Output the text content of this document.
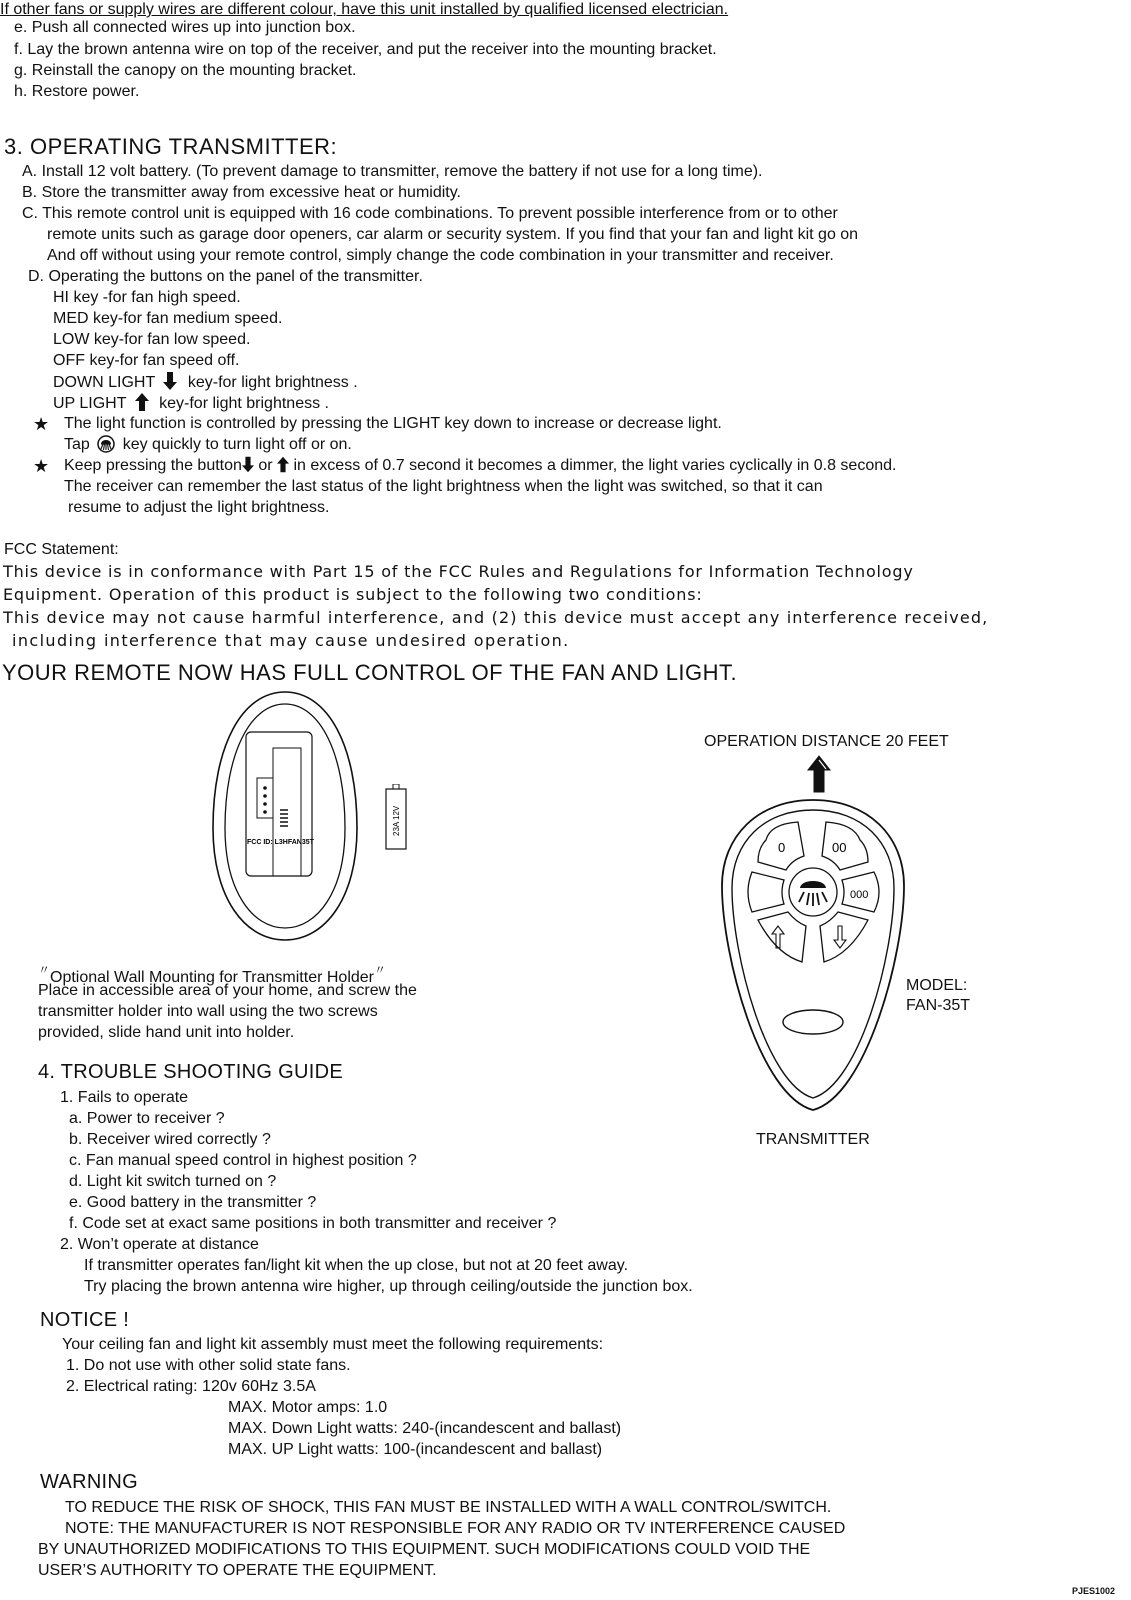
If other fans or supply wires are different colour, have this unit installed by qualified licensed electrician.
e. Push all connected wires up into junction box.
f. Lay the brown antenna wire on top of the receiver, and put the receiver into the mounting bracket.
g. Reinstall the canopy on the mounting bracket.
h. Restore power.
3. OPERATING TRANSMITTER:
A. Install 12 volt battery. (To prevent damage to transmitter, remove the battery if not use for a long time).
B. Store the transmitter away from excessive heat or humidity.
C. This remote control unit is equipped with 16 code combinations. To prevent possible interference from or to other
remote units such as garage door openers, car alarm or security system. If you find that your fan and light kit go on
And off without using your remote control, simply change the code combination in your transmitter and receiver.
D. Operating the buttons on the panel of the transmitter.
HI key -for fan high speed.
MED key-for fan medium speed.
LOW key-for fan low speed.
OFF key-for fan speed off.
DOWN LIGHT key-for light brightness .
UP LIGHT key-for light brightness .
★ The light function is controlled by pressing the LIGHT key down to increase or decrease light.
Tap key quickly to turn light off or on.
★ Keep pressing the button or in excess of 0.7 second it becomes a dimmer, the light varies cyclically in 0.8 second.
The receiver can remember the last status of the light brightness when the light was switched, so that it can
resume to adjust the light brightness.
FCC Statement:
This device is in conformance with Part 15 of the FCC Rules and Regulations for Information Technology
Equipment. Operation of this product is subject to the following two conditions:
This device may not cause harmful interference, and (2) this device must accept any interference received,
including interference that may cause undesired operation.
YOUR REMOTE NOW HAS FULL CONTROL OF THE FAN AND LIGHT.
FCC ID: L3HFAN35T
23A 12V
OPERATION DISTANCE 20 FEET
0	00
000
MODEL:
FAN-35T
TRANSMITTER
〃Optional Wall Mounting for Transmitter Holder〃
Place in accessible area of your home, and screw the
transmitter holder into wall using the two screws
provided, slide hand unit into holder.
4. TROUBLE SHOOTING GUIDE
1. Fails to operate
a. Power to receiver ?
b. Receiver wired correctly ?
c. Fan manual speed control in highest position ?
d. Light kit switch turned on ?
e. Good battery in the transmitter ?
f. Code set at exact same positions in both transmitter and receiver ?
2. Won’t operate at distance
If transmitter operates fan/light kit when the up close, but not at 20 feet away.
Try placing the brown antenna wire higher, up through ceiling/outside the junction box.
NOTICE !
Your ceiling fan and light kit assembly must meet the following requirements:
1. Do not use with other solid state fans.
2. Electrical rating: 120v 60Hz 3.5A
MAX. Motor amps: 1.0
MAX. Down Light watts: 240-(incandescent and ballast)
MAX. UP Light watts: 100-(incandescent and ballast)
WARNING
TO REDUCE THE RISK OF SHOCK, THIS FAN MUST BE INSTALLED WITH A WALL CONTROL/SWITCH.
NOTE: THE MANUFACTURER IS NOT RESPONSIBLE FOR ANY RADIO OR TV INTERFERENCE CAUSED
BY UNAUTHORIZED MODIFICATIONS TO THIS EQUIPMENT. SUCH MODIFICATIONS COULD VOID THE
USER’S AUTHORITY TO OPERATE THE EQUIPMENT.
PJES1002
